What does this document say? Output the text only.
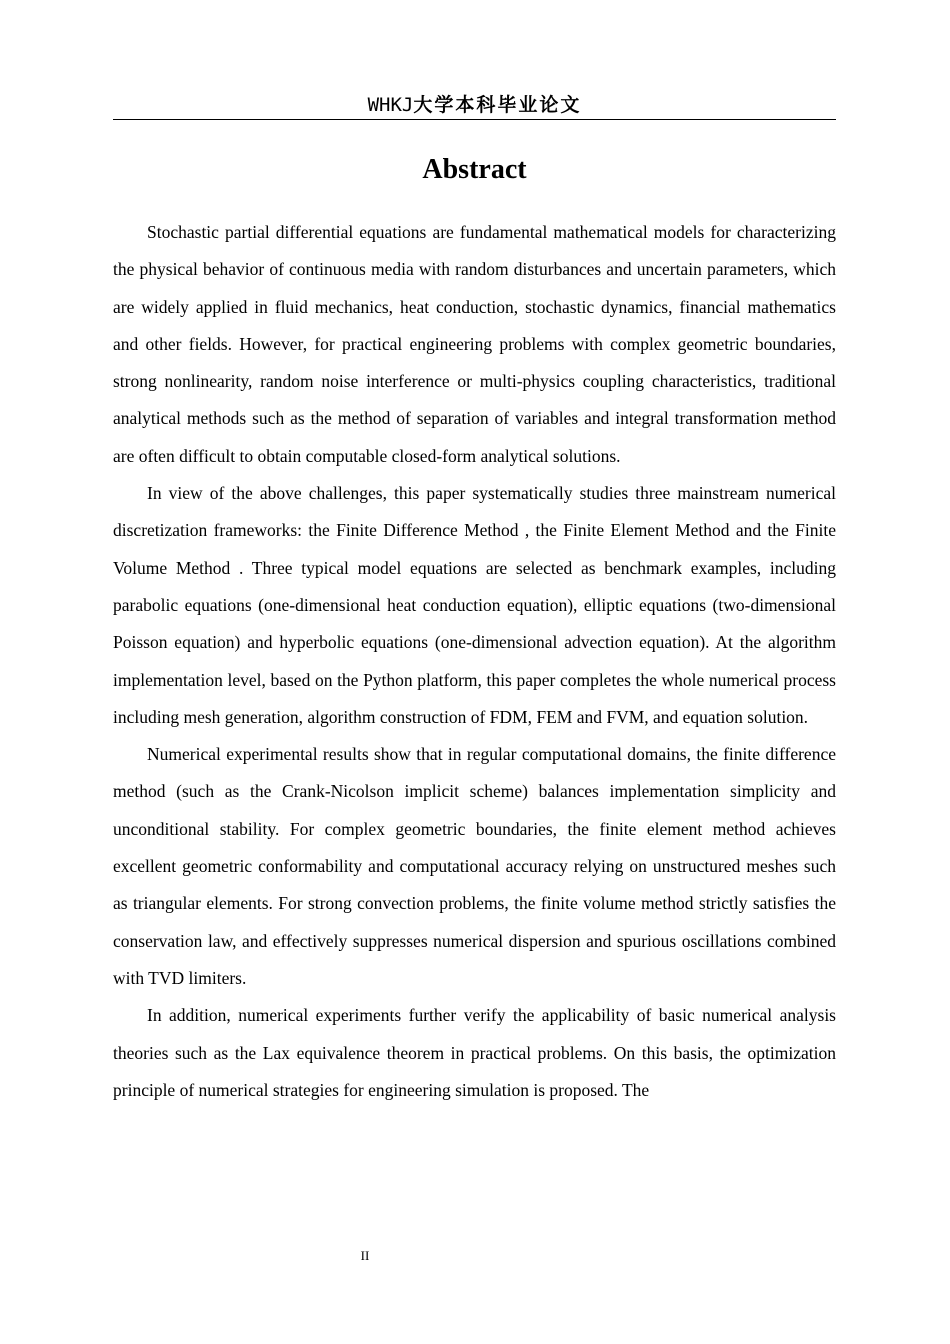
WHKJ大学本科毕业论文
Abstract

Stochastic partial differential equations are fundamental mathematical models for characterizing the physical behavior of continuous media with random disturbances and uncertain parameters, which are widely applied in fluid mechanics, heat conduction, stochastic dynamics, financial mathematics and other fields. However, for practical engineering problems with complex geometric boundaries, strong nonlinearity, random noise interference or multi-physics coupling characteristics, traditional analytical methods such as the method of separation of variables and integral transformation method are often difficult to obtain computable closed-form analytical solutions.

In view of the above challenges, this paper systematically studies three mainstream numerical discretization frameworks: the Finite Difference Method , the Finite Element Method and the Finite Volume Method . Three typical model equations are selected as benchmark examples, including parabolic equations (one-dimensional heat conduction equation), elliptic equations (two-dimensional Poisson equation) and hyperbolic equations (one-dimensional advection equation). At the algorithm implementation level, based on the Python platform, this paper completes the whole numerical process including mesh generation, algorithm construction of FDM, FEM and FVM, and equation solution.

Numerical experimental results show that in regular computational domains, the finite difference method (such as the Crank-Nicolson implicit scheme) balances implementation simplicity and unconditional stability. For complex geometric boundaries, the finite element method achieves excellent geometric conformability and computational accuracy relying on unstructured meshes such as triangular elements. For strong convection problems, the finite volume method strictly satisfies the conservation law, and effectively suppresses numerical dispersion and spurious oscillations combined with TVD limiters.

In addition, numerical experiments further verify the applicability of basic numerical analysis theories such as the Lax equivalence theorem in practical problems. On this basis, the optimization principle of numerical strategies for engineering simulation is proposed. The

II
